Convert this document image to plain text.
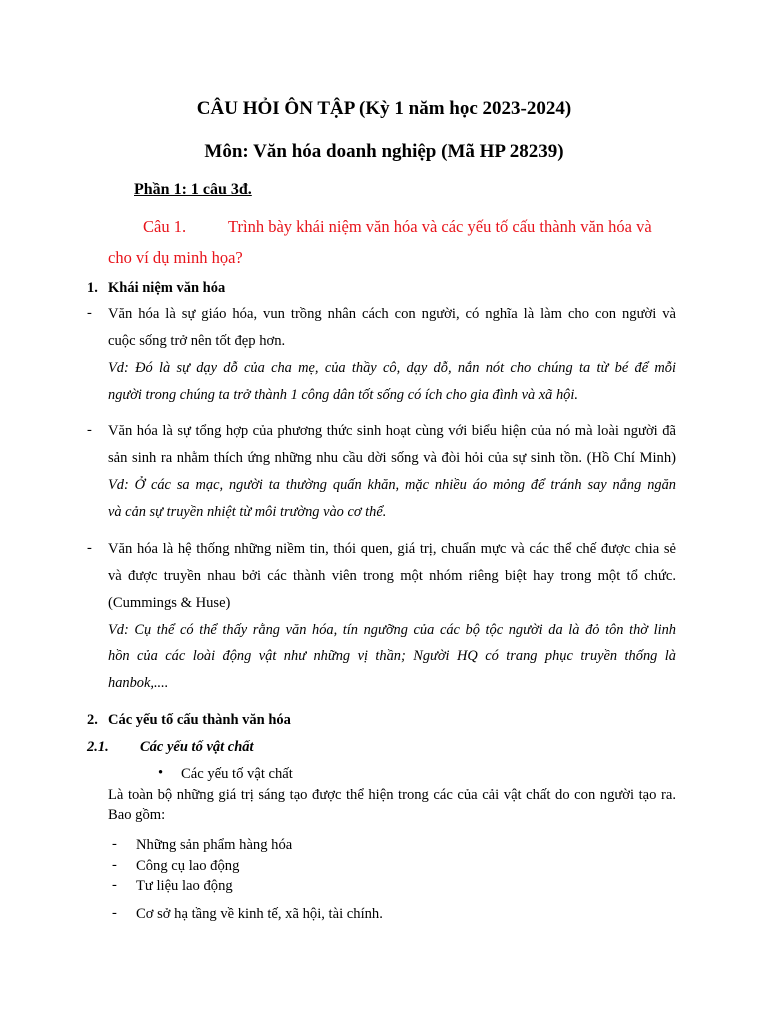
CÂU HỎI ÔN TẬP (Kỳ 1 năm học 2023-2024)
Môn: Văn hóa doanh nghiệp (Mã HP 28239)
Phần 1: 1 câu 3đ.
Câu 1.	Trình bày khái niệm văn hóa và các yếu tố cấu thành văn hóa và
cho ví dụ minh họa?
1. Khái niệm văn hóa
- Văn hóa là sự giáo hóa, vun trồng nhân cách con người, có nghĩa là làm cho con người và
cuộc sống trở nên tốt đẹp hơn.
Vd: Đó là sự dạy dỗ của cha mẹ, của thầy cô, dạy dỗ, nắn nót cho chúng ta từ bé để mỗi
người trong chúng ta trở thành 1 công dân tốt sống có ích cho gia đình và xã hội.
- Văn hóa là sự tổng hợp của phương thức sinh hoạt cùng với biểu hiện của nó mà loài người đã
sản sinh ra nhằm thích ứng những nhu cầu dời sống và đòi hỏi của sự sinh tồn. (Hồ Chí Minh)
Vd: Ở các sa mạc, người ta thường quấn khăn, mặc nhiều áo mỏng để tránh say nắng ngăn
và cản sự truyền nhiệt từ môi trường vào cơ thể.
- Văn hóa là hệ thống những niềm tin, thói quen, giá trị, chuẩn mực và các thể chế được chia sẻ
và được truyền nhau bởi các thành viên trong một nhóm riêng biệt hay trong một tổ chức.
(Cummings & Huse)
Vd: Cụ thể có thể thấy rằng văn hóa, tín ngưỡng của các bộ tộc người da là đỏ tôn thờ linh
hồn của các loài động vật như những vị thần; Người HQ có trang phục truyền thống là
hanbok,....
2. Các yếu tố cấu thành văn hóa
2.1. Các yếu tố vật chất
• Các yếu tố vật chất
Là toàn bộ những giá trị sáng tạo được thể hiện trong các của cải vật chất do con người tạo ra.
Bao gồm:
- Những sản phẩm hàng hóa
- Công cụ lao động
- Tư liệu lao động
- Cơ sở hạ tầng về kinh tế, xã hội, tài chính.
